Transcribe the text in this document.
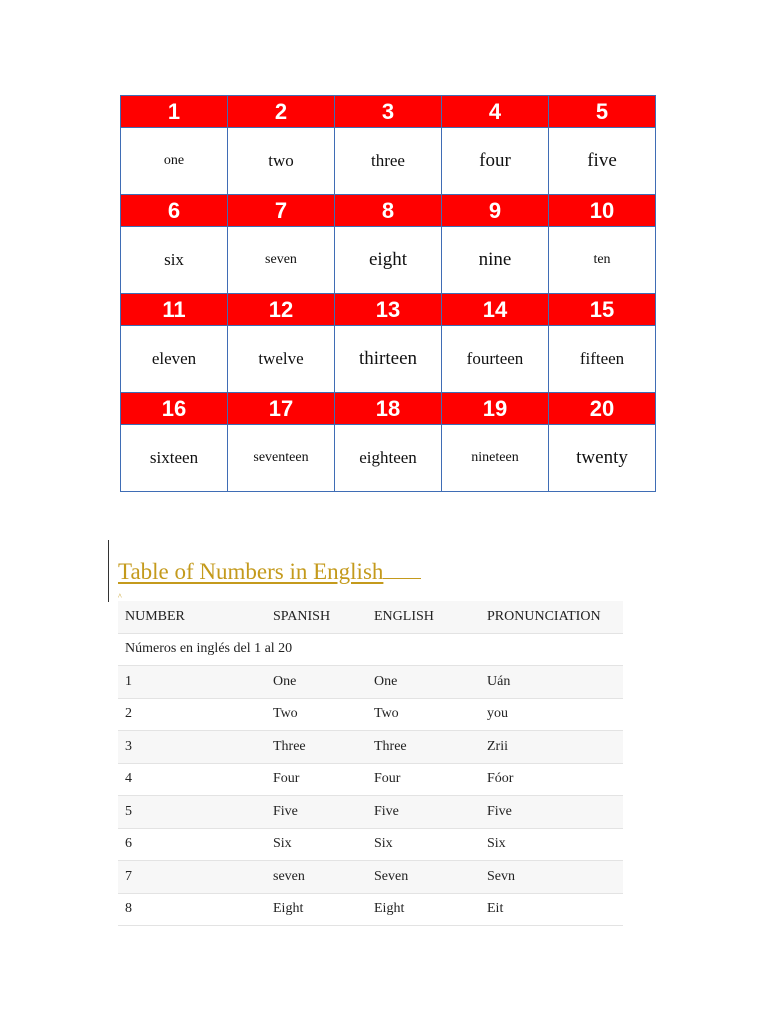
1	2	3	4	5
one	two	three	four	five
6	7	8	9	10
six	seven	eight	nine	ten
11	12	13	14	15
eleven	twelve	thirteen	fourteen	fifteen
16	17	18	19	20
sixteen	seventeen	eighteen	nineteen	twenty
Table of Numbers in English
^
NUMBER	SPANISH	ENGLISH	PRONUNCIATION
Números en inglés del 1 al 20			
1	One	One	Uán
2	Two	Two	you
3	Three	Three	Zrii
4	Four	Four	Fóor
5	Five	Five	Five
6	Six	Six	Six
7	seven	Seven	Sevn
8	Eight	Eight	Eit
